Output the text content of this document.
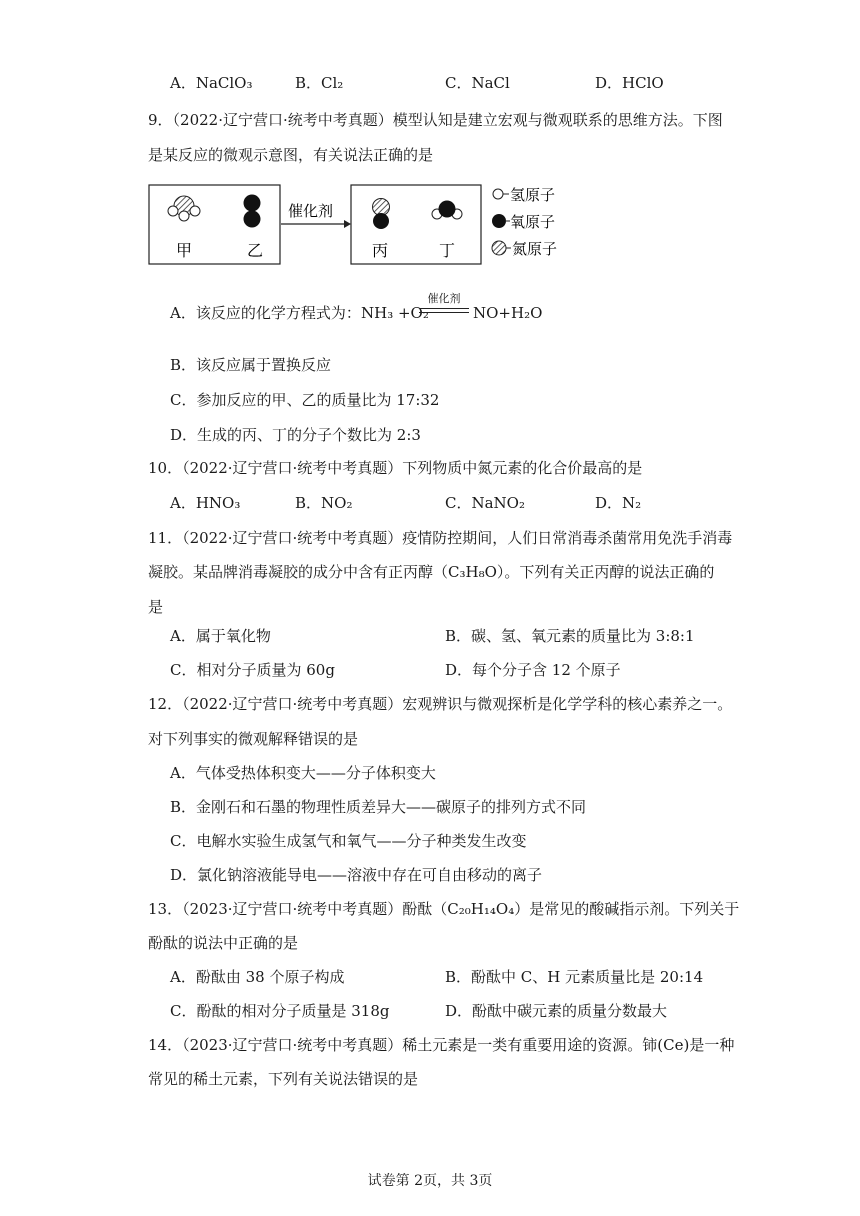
A．NaClO₃	B．Cl₂	C．NaCl	D．HClO
9．（2022·辽宁营口·统考中考真题）模型认知是建立宏观与微观联系的思维方法。下图
是某反应的微观示意图，有关说法正确的是
甲	乙
催化剂
丙	丁
氢原子
氧原子
氮原子
A．该反应的化学方程式为： NH₃ +O₂
催化剂
NO+H₂O
B．该反应属于置换反应
C．参加反应的甲、乙的质量比为 17:32
D．生成的丙、丁的分子个数比为 2:3
10．（2022·辽宁营口·统考中考真题）下列物质中氮元素的化合价最高的是
A．HNO₃	B．NO₂	C．NaNO₂	D．N₂
11．（2022·辽宁营口·统考中考真题）疫情防控期间，人们日常消毒杀菌常用免洗手消毒
凝胶。某品牌消毒凝胶的成分中含有正丙醇（C₃H₈O）。下列有关正丙醇的说法正确的
是
A．属于氧化物	B．碳、氢、氧元素的质量比为 3:8:1
C．相对分子质量为 60g	D．每个分子含 12 个原子
12．（2022·辽宁营口·统考中考真题）宏观辨识与微观探析是化学学科的核心素养之一。
对下列事实的微观解释错误的是
A．气体受热体积变大——分子体积变大
B．金刚石和石墨的物理性质差异大——碳原子的排列方式不同
C．电解水实验生成氢气和氧气——分子种类发生改变
D．氯化钠溶液能导电——溶液中存在可自由移动的离子
13．（2023·辽宁营口·统考中考真题）酚酞（C₂₀H₁₄O₄）是常见的酸碱指示剂。下列关于
酚酞的说法中正确的是
A．酚酞由 38 个原子构成	B．酚酞中 C、H 元素质量比是 20:14
C．酚酞的相对分子质量是 318g	D．酚酞中碳元素的质量分数最大
14．（2023·辽宁营口·统考中考真题）稀土元素是一类有重要用途的资源。铈(Ce)是一种
常见的稀土元素，下列有关说法错误的是
试卷第 2页，共 3页
